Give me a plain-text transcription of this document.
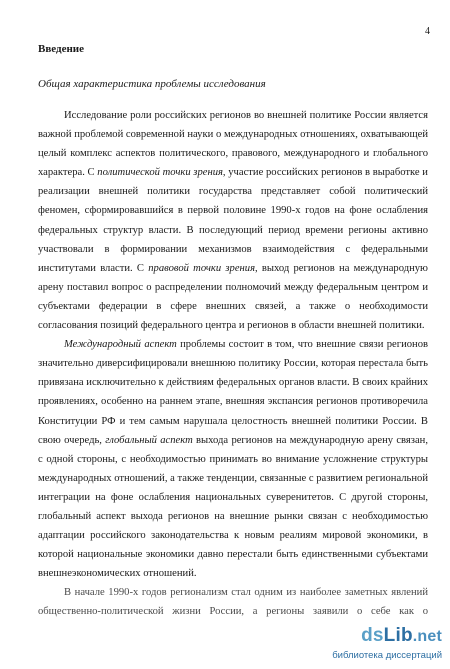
4
Введение
Общая характеристика проблемы исследования

Исследование роли российских регионов во внешней политике России является важной проблемой современной науки о международных отношениях, охватывающей целый комплекс аспектов политического, правового, международного и глобального характера. С политической точки зрения, участие российских регионов в выработке и реализации внешней политики государства представляет собой политический феномен, сформировавшийся в первой половине 1990-х годов на фоне ослабления федеральных структур власти. В последующий период времени регионы активно участвовали в формировании механизмов взаимодействия с федеральными институтами власти. С правовой точки зрения, выход регионов на международную арену поставил вопрос о распределении полномочий между федеральным центром и субъектами федерации в сфере внешних связей, а также о необходимости согласования позиций федерального центра и регионов в области внешней политики.

Международный аспект проблемы состоит в том, что внешние связи регионов значительно диверсифицировали внешнюю политику России, которая перестала быть привязана исключительно к действиям федеральных органов власти. В своих крайних проявлениях, особенно на раннем этапе, внешняя экспансия регионов противоречила Конституции РФ и тем самым нарушала целостность внешней политики России. В свою очередь, глобальный аспект выхода регионов на международную арену связан, с одной стороны, с необходимостью принимать во внимание усложнение структуры международных отношений, а также тенденции, связанные с развитием региональной интеграции на фоне ослабления национальных суверенитетов. С другой стороны, глобальный аспект выхода регионов на внешние рынки связан с необходимостью адаптации российского законодательства к новым реалиям мировой экономики, в которой национальные экономики давно перестали быть единственными субъектами внешнеэкономических отношений.

В начале 1990-х годов регионализм стал одним из наиболее заметных явлений общественно-политической жизни России, а регионы заявили о себе как о

dsLib.net
библиотека диссертаций
